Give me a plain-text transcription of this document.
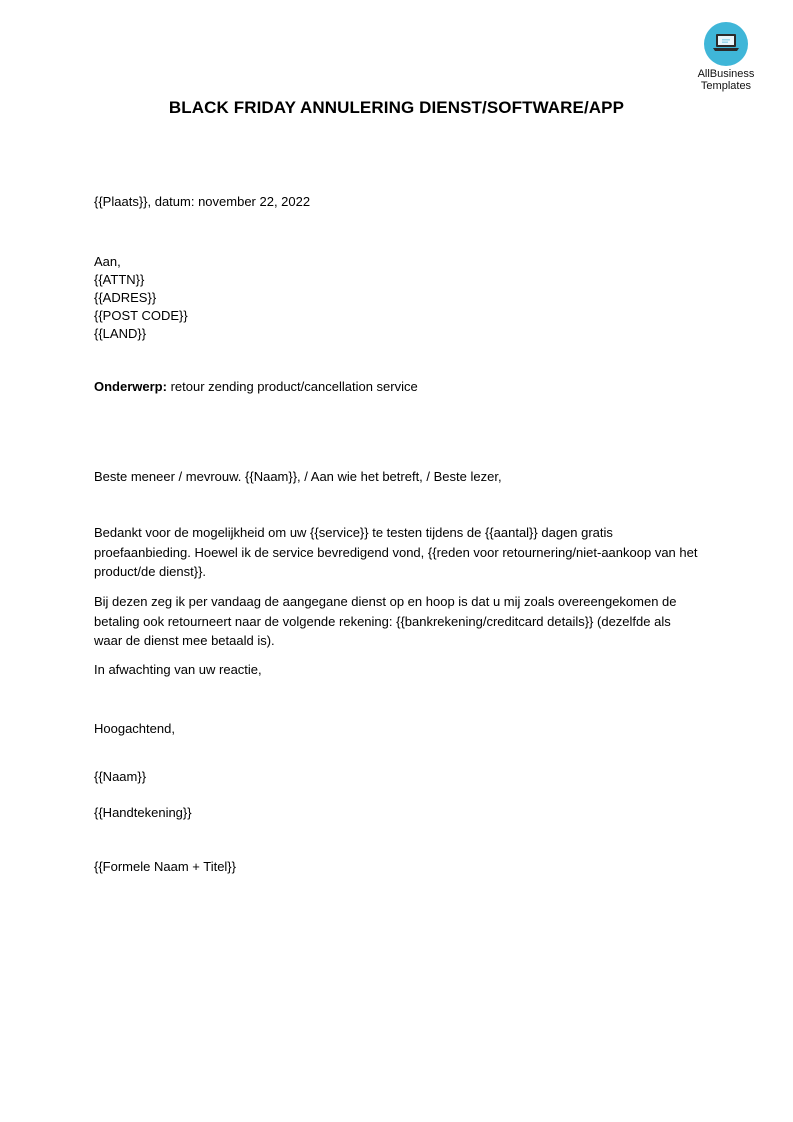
AllBusiness
Templates
BLACK FRIDAY ANNULERING DIENST/SOFTWARE/APP
{{Plaats}}, datum: november 22, 2022
Aan,
{{ATTN}}
{{ADRES}}
{{POST CODE}}
{{LAND}}
Onderwerp: retour zending product/cancellation service
Beste meneer / mevrouw. {{Naam}}, / Aan wie het betreft, / Beste lezer,
Bedankt voor de mogelijkheid om uw {{service}} te testen tijdens de {{aantal}} dagen gratis proefaanbieding. Hoewel ik de service bevredigend vond, {{reden voor retournering/niet-aankoop van het product/de dienst}}.
Bij dezen zeg ik per vandaag de aangegane dienst op en hoop is dat u mij zoals overeengekomen de betaling ook retourneert naar de volgende rekening: {{bankrekening/creditcard details}} (dezelfde als waar de dienst mee betaald is).
In afwachting van uw reactie,
Hoogachtend,
{{Naam}}
{{Handtekening}}
{{Formele Naam + Titel}}
